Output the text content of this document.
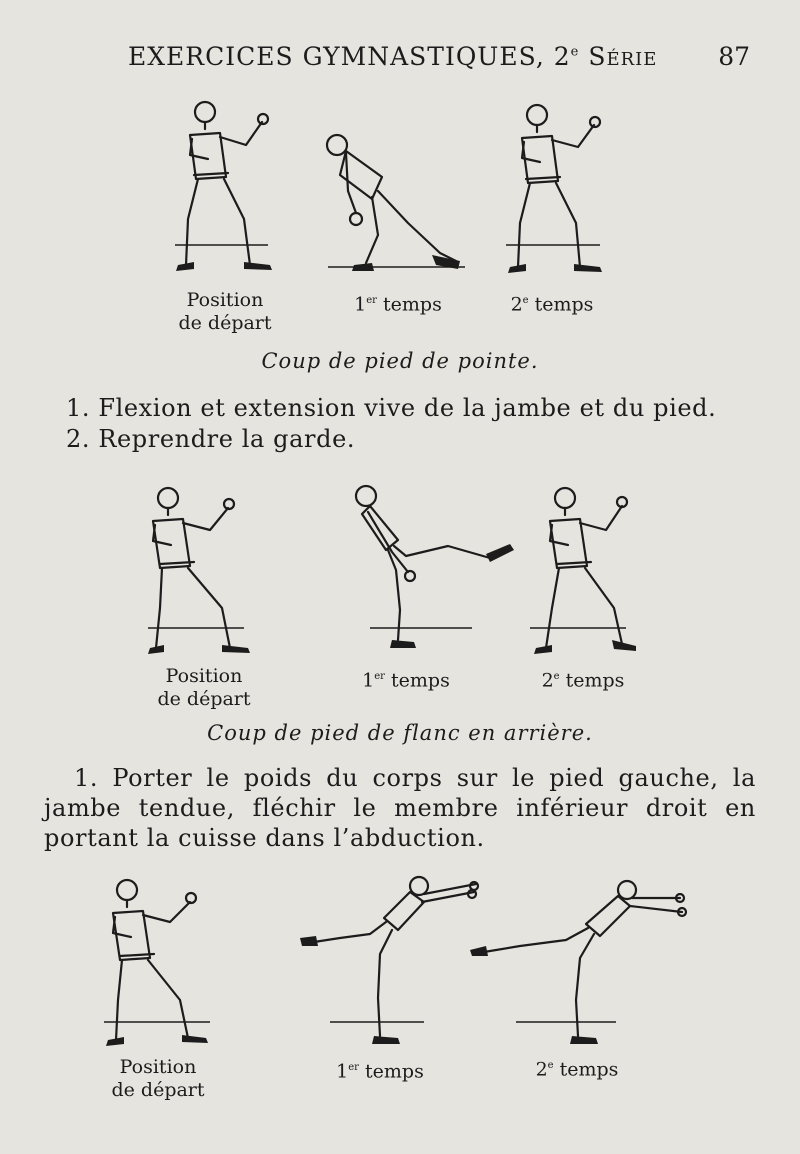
EXERCICES GYMNASTIQUES, 2e Série 87
Position
de départ
1er temps	2e temps
Coup de pied de pointe.
1. Flexion et extension vive de la jambe et du pied.
2. Reprendre la garde.
Position
de départ
1er temps	2e temps
Coup de pied de flanc en arrière.
1. Porter le poids du corps sur le pied gauche, la jambe tendue, fléchir le membre inférieur droit en portant la cuisse dans l’abduction.
Position
de départ
1er temps	2e temps
